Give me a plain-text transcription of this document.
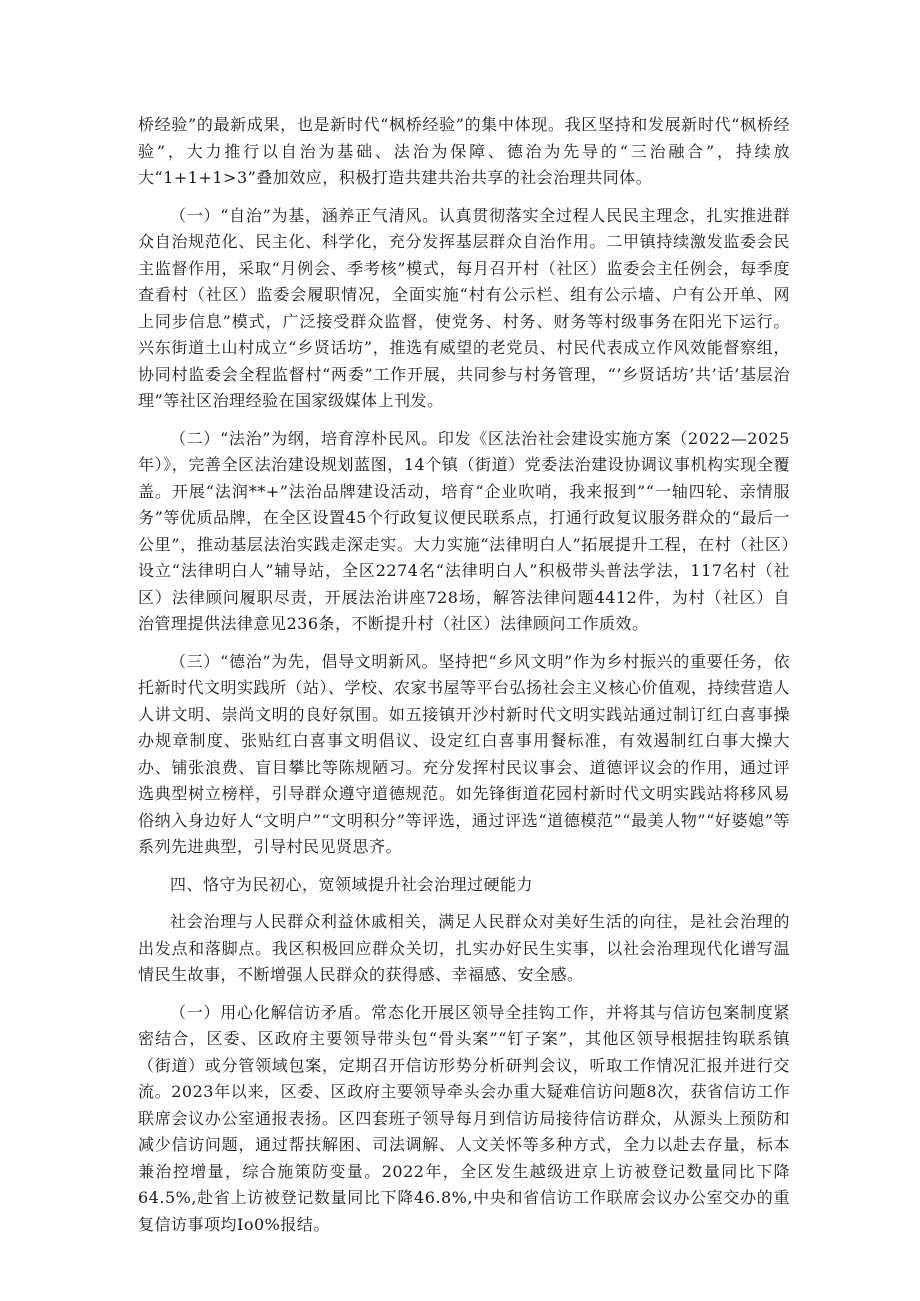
桥经验”的最新成果，也是新时代“枫桥经验”的集中体现。我区坚持和发展新时代“枫桥经验”，大力推行以自治为基础、法治为保障、德治为先导的“三治融合”，持续放大“1+1+1>3”叠加效应，积极打造共建共治共享的社会治理共同体。

（一）“自治”为基，涵养正气清风。认真贯彻落实全过程人民民主理念，扎实推进群众自治规范化、民主化、科学化，充分发挥基层群众自治作用。二甲镇持续激发监委会民主监督作用，采取“月例会、季考核”模式，每月召开村（社区）监委会主任例会，每季度查看村（社区）监委会履职情况，全面实施“村有公示栏、组有公示墙、户有公开单、网上同步信息”模式，广泛接受群众监督，使党务、村务、财务等村级事务在阳光下运行。兴东街道土山村成立“乡贤话坊”，推选有威望的老党员、村民代表成立作风效能督察组，协同村监委会全程监督村“两委”工作开展，共同参与村务管理，“’乡贤话坊’共’话’基层治理”等社区治理经验在国家级媒体上刊发。

（二）“法治”为纲，培育淳朴民风。印发《区法治社会建设实施方案（2022—2025年）》，完善全区法治建设规划蓝图，14个镇（街道）党委法治建设协调议事机构实现全覆盖。开展“法润**+”法治品牌建设活动，培育“企业吹哨，我来报到”“一轴四轮、亲情服务”等优质品牌，在全区设置45个行政复议便民联系点，打通行政复议服务群众的“最后一公里”，推动基层法治实践走深走实。大力实施“法律明白人”拓展提升工程，在村（社区）设立“法律明白人”辅导站，全区2274名“法律明白人”积极带头普法学法，117名村（社区）法律顾问履职尽责，开展法治讲座728场，解答法律问题4412件，为村（社区）自治管理提供法律意见236条，不断提升村（社区）法律顾问工作质效。

（三）“德治”为先，倡导文明新风。坚持把“乡风文明”作为乡村振兴的重要任务，依托新时代文明实践所（站）、学校、农家书屋等平台弘扬社会主义核心价值观，持续营造人人讲文明、崇尚文明的良好氛围。如五接镇开沙村新时代文明实践站通过制订红白喜事操办规章制度、张贴红白喜事文明倡议、设定红白喜事用餐标准，有效遏制红白事大操大办、铺张浪费、盲目攀比等陈规陋习。充分发挥村民议事会、道德评议会的作用，通过评选典型树立榜样，引导群众遵守道德规范。如先锋街道花园村新时代文明实践站将移风易俗纳入身边好人“文明户”“文明积分”等评选，通过评选“道德模范”“最美人物”“好婆媳”等系列先进典型，引导村民见贤思齐。

四、恪守为民初心，宽领域提升社会治理过硬能力

社会治理与人民群众利益休戚相关，满足人民群众对美好生活的向往，是社会治理的出发点和落脚点。我区积极回应群众关切，扎实办好民生实事，以社会治理现代化谱写温情民生故事，不断增强人民群众的获得感、幸福感、安全感。

（一）用心化解信访矛盾。常态化开展区领导全挂钩工作，并将其与信访包案制度紧密结合，区委、区政府主要领导带头包“骨头案”“钉子案”，其他区领导根据挂钩联系镇（街道）或分管领域包案，定期召开信访形势分析研判会议，听取工作情况汇报并进行交流。2023年以来，区委、区政府主要领导牵头会办重大疑难信访问题8次，获省信访工作联席会议办公室通报表扬。区四套班子领导每月到信访局接待信访群众，从源头上预防和减少信访问题，通过帮扶解困、司法调解、人文关怀等多种方式，全力以赴去存量，标本兼治控增量，综合施策防变量。2022年，全区发生越级进京上访被登记数量同比下降64.5%,赴省上访被登记数量同比下降46.8%,中央和省信访工作联席会议办公室交办的重复信访事项均Io0%报结。
